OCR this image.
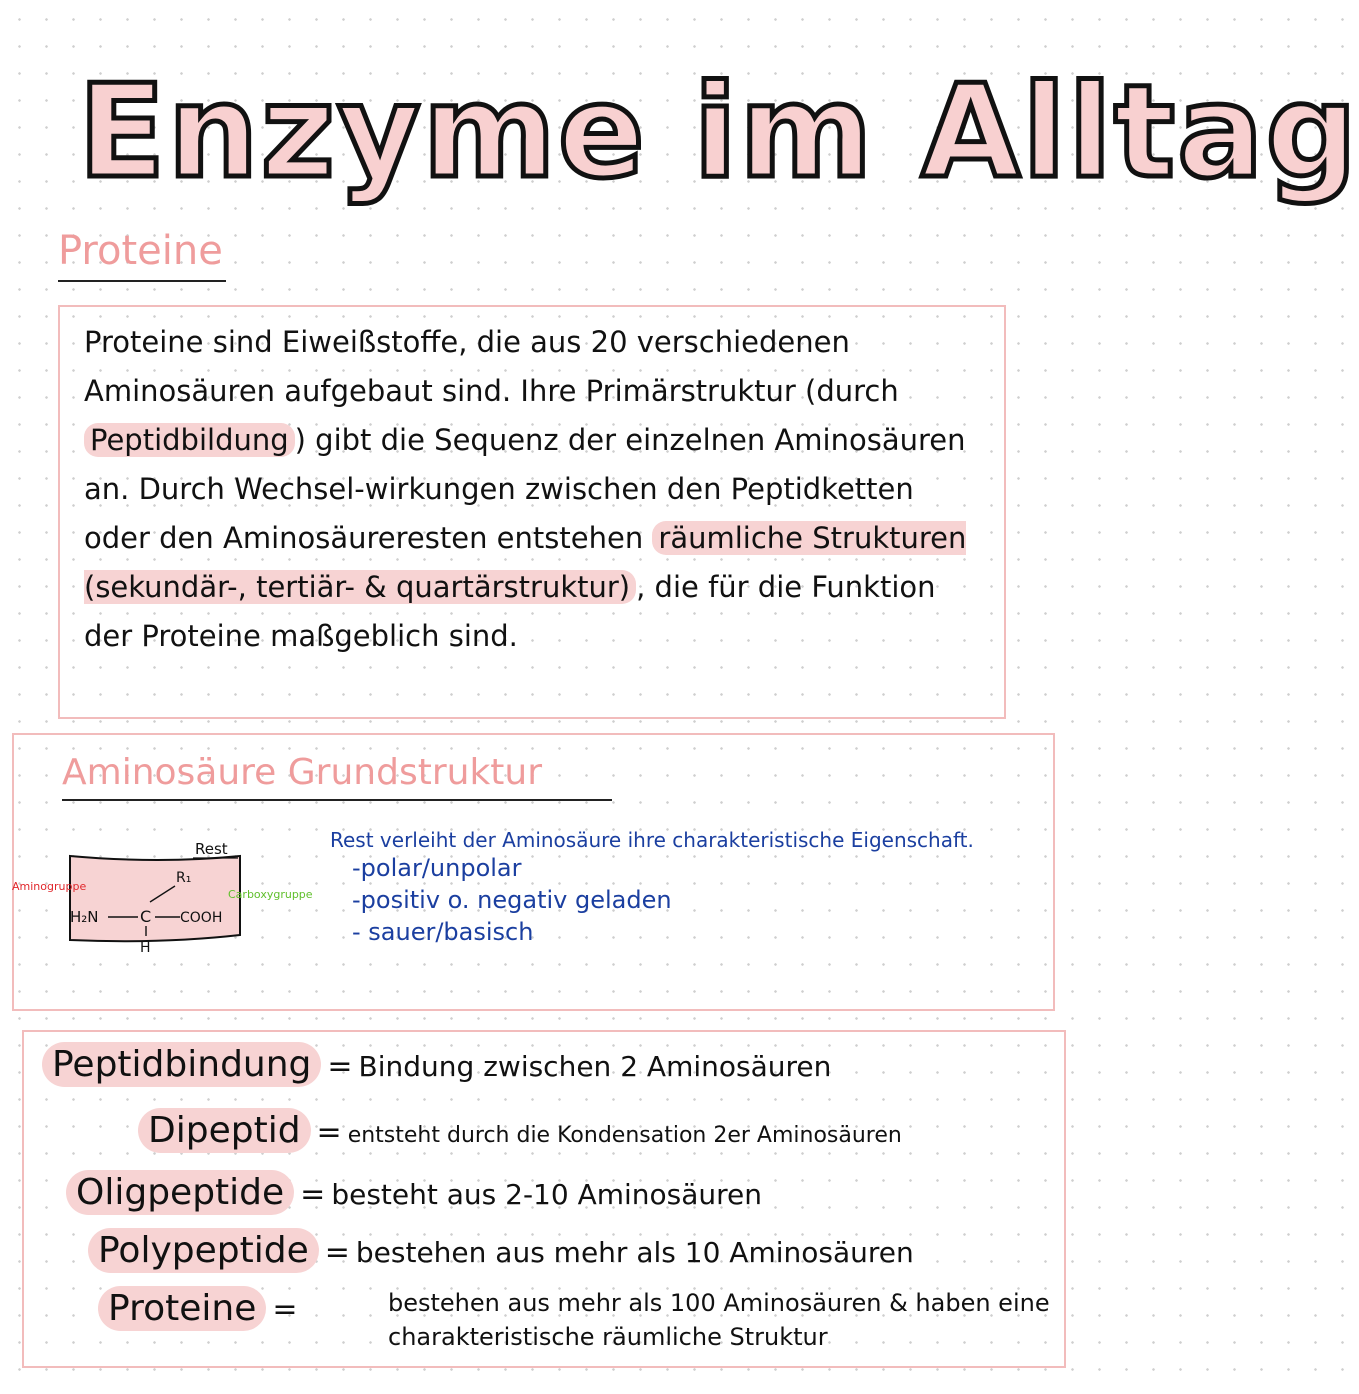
Enzyme im Alltag
Proteine
Proteine sind Eiweißstoffe, die aus 20 verschiedenen Aminosäuren aufgebaut sind. Ihre Primärstruktur (durch Peptidbildung ) gibt die Sequenz der einzelnen Aminosäuren an. Durch Wechsel-wirkungen zwischen den Peptidketten oder den Aminosäureresten entstehen räumliche Strukturen (sekundär-, tertiär- & quartärstruktur) , die für die Funktion der Proteine maßgeblich sind.
Aminosäure Grundstruktur
Rest
R₁
Aminogruppe
H₂N	C COOH
Carboxygruppe
H
Rest verleiht der Aminosäure ihre charakteristische Eigenschaft.
-polar/unpolar
-positiv o. negativ geladen
- sauer/basisch
Peptidbindung = Bindung zwischen 2 Aminosäuren
Dipeptid = entsteht durch die Kondensation 2er Aminosäuren
Oligpeptide = besteht aus 2-10 Aminosäuren
Polypeptide = bestehen aus mehr als 10 Aminosäuren
Proteine =	bestehen aus mehr als 100 Aminosäuren & haben eine charakteristische räumliche Struktur
